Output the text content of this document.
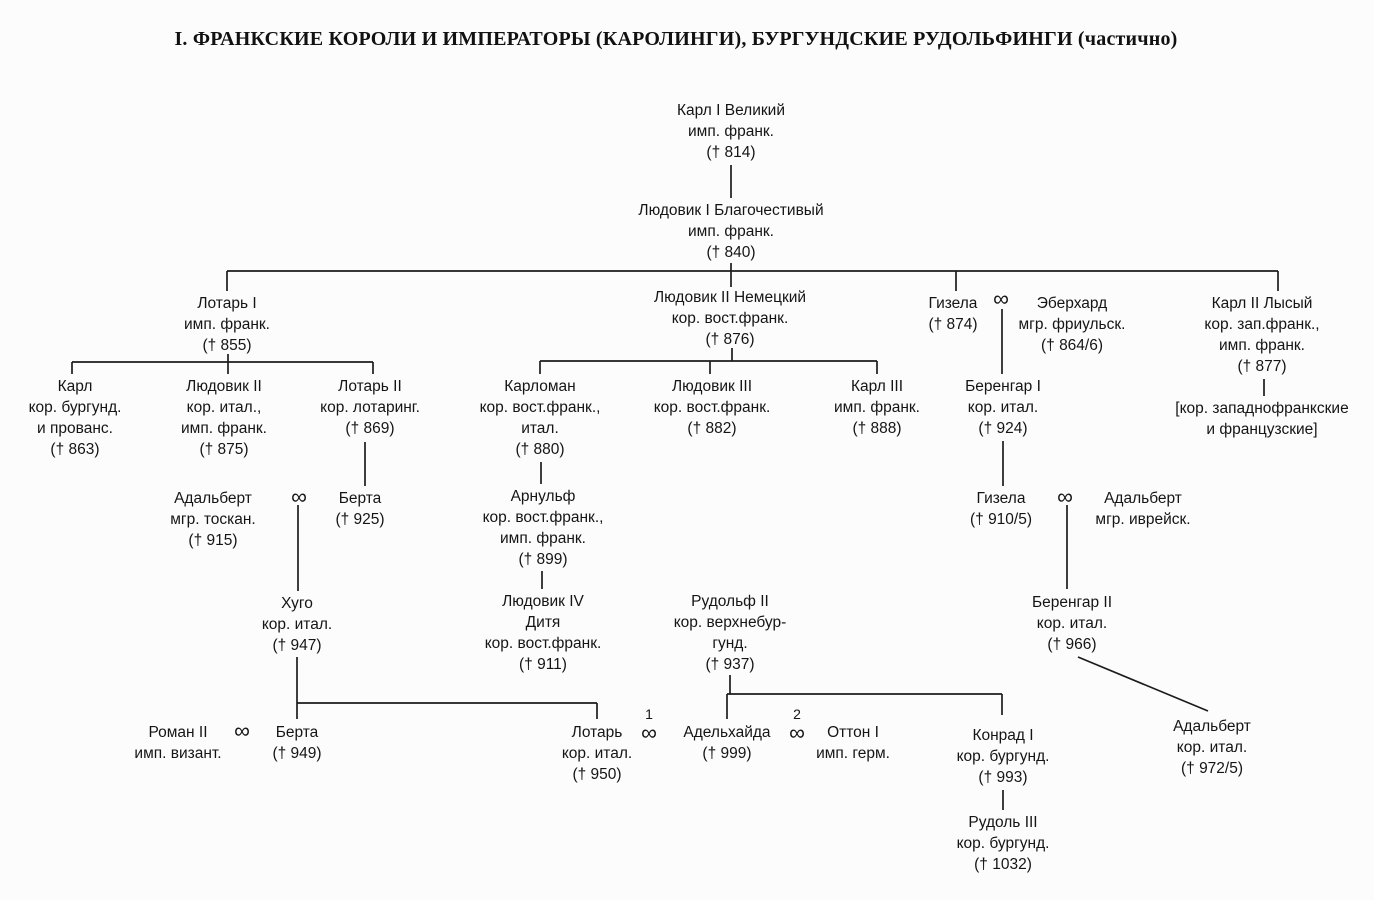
I. ФРАНКСКИЕ КОРОЛИ И ИМПЕРАТОРЫ (КАРОЛИНГИ), БУРГУНДСКИЕ РУДОЛЬФИНГИ (частично)
Карл I Великий
имп. франк.
(† 814)
Людовик I Благочестивый
имп. франк.
(† 840)
Лотарь I
имп. франк.
(† 855)
Людовик II Немецкий
кор. вост.франк.
(† 876)
Гизела
(† 874)
Эберхард
мгр. фриульск.
(† 864/6)
Карл II Лысый
кор. зап.франк.,
имп. франк.
(† 877)
Карл
кор. бургунд.
и прованс.
(† 863)
Людовик II
кор. итал.,
имп. франк.
(† 875)
Лотарь II
кор. лотаринг.
(† 869)
Карломан
кор. вост.франк.,
итал.
(† 880)
Людовик III
кор. вост.франк.
(† 882)
Карл III
имп. франк.
(† 888)
Беренгар I
кор. итал.
(† 924)
[кор. западнофранкские
и французские]
Адальберт
мгр. тоскан.
(† 915)
Берта
(† 925)
Арнульф
кор. вост.франк.,
имп. франк.
(† 899)
Гизела
(† 910/5)
Адальберт
мгр. иврейск.
Хуго
кор. итал.
(† 947)
Людовик IV
Дитя
кор. вост.франк.
(† 911)
Рудольф II
кор. верхнебур-
гунд.
(† 937)
Беренгар II
кор. итал.
(† 966)
Роман II
имп. визант.
Берта
(† 949)
Лотарь
кор. итал.
(† 950)
Адельхайда
(† 999)
Оттон I
имп. герм.
Конрад I
кор. бургунд.
(† 993)
Адальберт
кор. итал.
(† 972/5)
Рудоль III
кор. бургунд.
(† 1032)
∞
∞	∞
∞
1
∞
2
∞
